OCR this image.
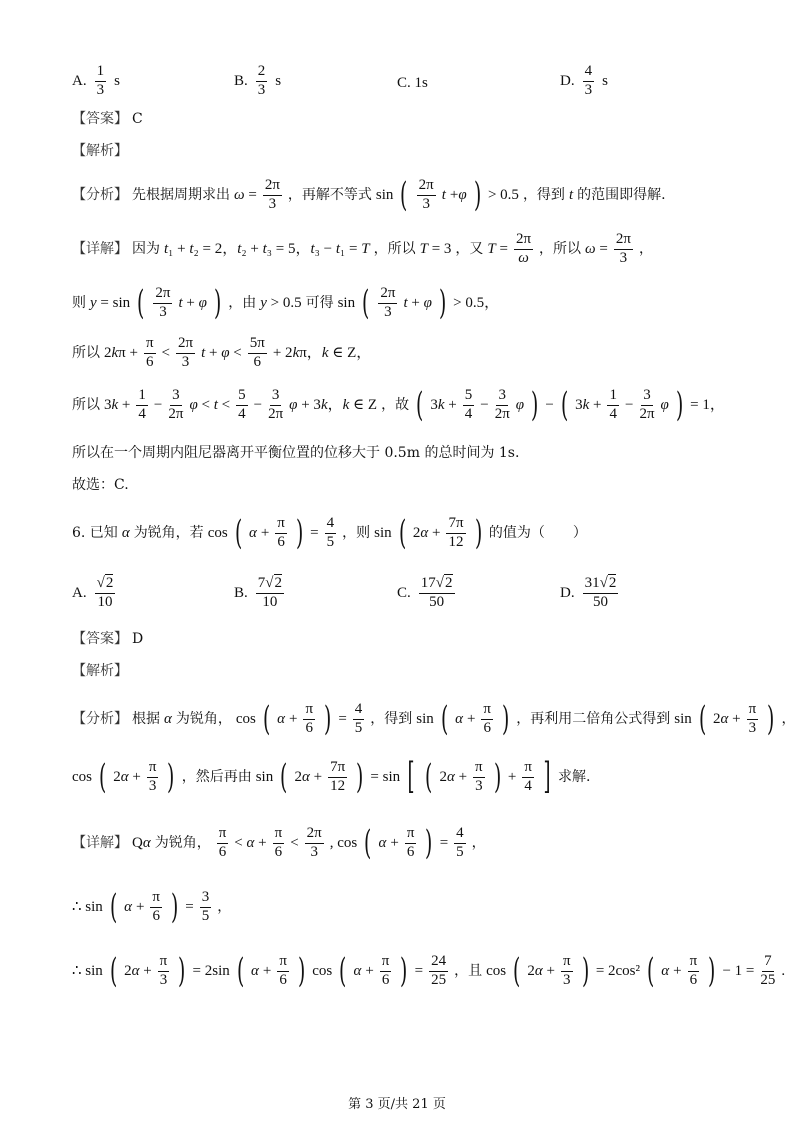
A. $\frac{1}{3}$ s	B. $\frac{2}{3}$ s	C. 1s	D. $\frac{4}{3}$ s
【答案】 C
【解析】
【分析】 先根据周期求出 $\omega = \frac{2\pi}{3}$ ，再解不等式 sin ( $\frac{2\pi}{3}$ t +φ ) > 0.5 ，得到 t 的范围即得解.
【详解】 因为 t₁ + t₂ = 2，t₂ + t₃ = 5，t₃ − t₁ = T ，所以 T = 3 ，又 $T = \frac{2\pi}{\omega}$ ，所以 $\omega = \frac{2\pi}{3}$ ，
则 y = sin ( $\frac{2\pi}{3}$ t + φ ) ，由 y > 0.5 可得 sin ( $\frac{2\pi}{3}$ t + φ ) > 0.5，
所以 $2k\pi + \frac{\pi}{6} < \frac{2\pi}{3}$ $t + \varphi < \frac{5\pi}{6} + 2k\pi$，k ∈ Z，
所以 $3k + \frac{1}{4} - \frac{3}{2\pi}$ $\varphi < t < \frac{5}{4} - \frac{3}{2\pi}$ φ + 3k，k ∈ Z ，故 ( $3k + \frac{5}{4} - \frac{3}{2\pi}$ φ ) − ( $3k + \frac{1}{4} - \frac{3}{2\pi}$ φ ) = 1，
所以在一个周期内阻尼器离开平衡位置的位移大于 0.5m 的总时间为 1s.
故选：C.
6. 已知 α 为锐角，若 cos ( $\alpha + \frac{\pi}{6}$ ) = $\frac{4}{5}$ ，则 sin ( $2\alpha + \frac{7\pi}{12}$ ) 的值为（　　）
A. $\frac{√2}{10}$	B. $\frac{7√2}{10}$	C. $\frac{17√2}{50}$	D. $\frac{31√2}{50}$
【答案】 D
【解析】
【分析】 根据 α 为锐角， cos ( $\alpha + \frac{\pi}{6}$ ) = $\frac{4}{5}$ ，得到 sin ( $\alpha + \frac{\pi}{6}$ ) ，再利用二倍角公式得到 sin ( $2\alpha + \frac{\pi}{3}$ ) ，
cos ( $2\alpha + \frac{\pi}{3}$ ) ，然后再由 sin ( $2\alpha + \frac{7\pi}{12}$ ) = sin [ ( $2\alpha + \frac{\pi}{3}$ ) + $\frac{\pi}{4}$ ] 求解.
【详解】 Qα 为锐角， $\frac{\pi}{6} < \alpha + \frac{\pi}{6} < \frac{2\pi}{3}$ , cos ( $\alpha + \frac{\pi}{6}$ ) = $\frac{4}{5}$ ，
∴ sin ( $\alpha + \frac{\pi}{6}$ ) = $\frac{3}{5}$ ，
∴ sin ( $2\alpha + \frac{\pi}{3}$ ) = 2sin ( $\alpha + \frac{\pi}{6}$ ) cos ( $\alpha + \frac{\pi}{6}$ ) = $\frac{24}{25}$ ，且 cos ( $2\alpha + \frac{\pi}{3}$ ) = 2cos² ( $\alpha + \frac{\pi}{6}$ ) − $1 = \frac{7}{25}$ .
第 3 页/共 21 页
